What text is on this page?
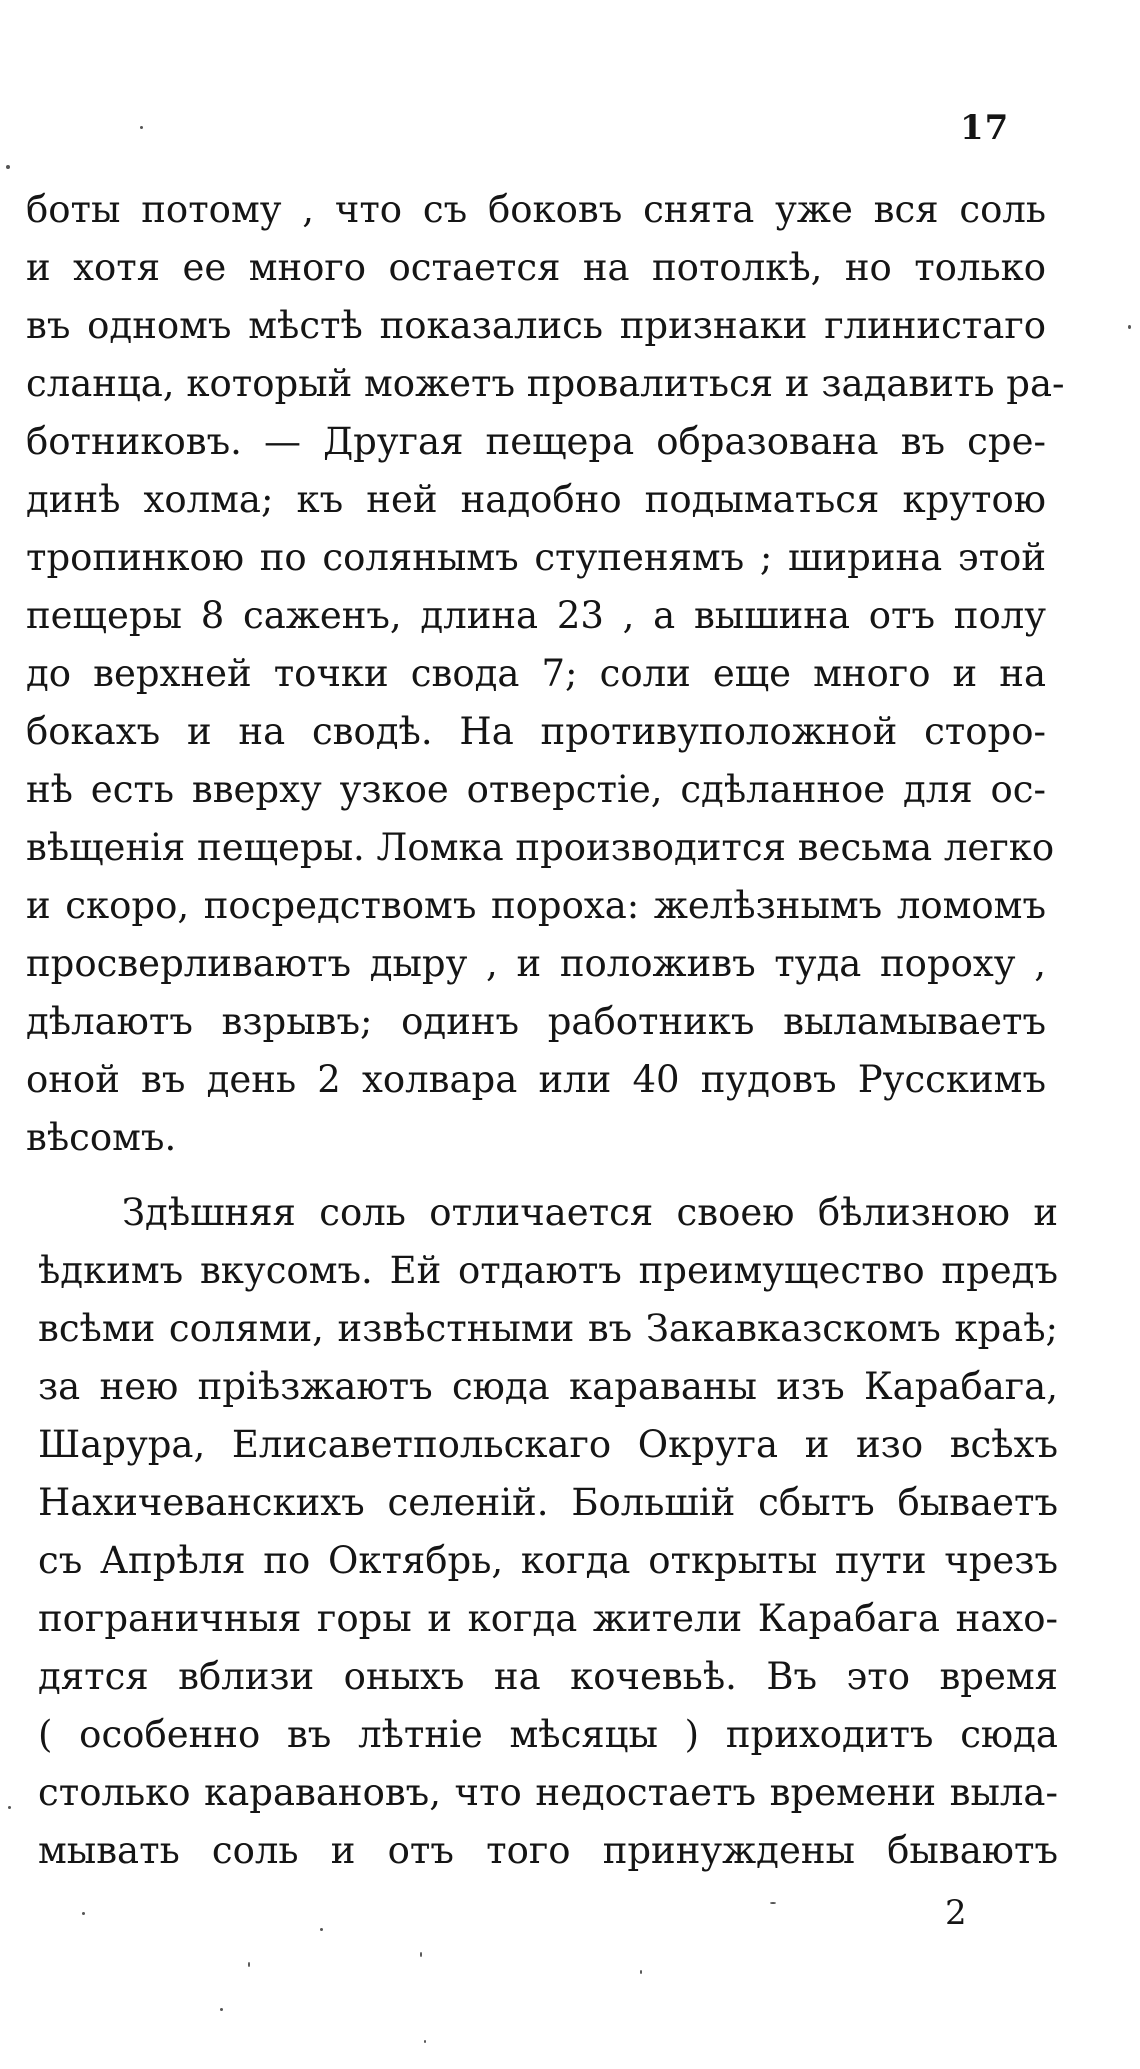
17
боты потому , что съ боковъ снята уже вся соль
и хотя ее много остается на потолкѣ, но только
въ одномъ мѣстѣ показались признаки глинистаго
сланца, который можетъ провалиться и задавить ра-
ботниковъ. — Другая пещера образована въ сре-
динѣ холма; къ ней надобно подыматься крутою
тропинкою по солянымъ ступенямъ ; ширина этой
пещеры 8 саженъ, длина 23 , а вышина отъ полу
до верхней точки свода 7; соли еще много и на
бокахъ и на сводѣ. На противуположной сторо-
нѣ есть вверху узкое отверстіе, сдѣланное для ос-
вѣщенія пещеры. Ломка производится весьма легко
и скоро, посредствомъ пороха: желѣзнымъ ломомъ
просверливаютъ дыру , и положивъ туда пороху ,
дѣлаютъ взрывъ; одинъ работникъ выламываетъ
оной въ день 2 холвара или 40 пудовъ Русскимъ
вѣсомъ.
Здѣшняя соль отличается своею бѣлизною и
ѣдкимъ вкусомъ. Ей отдаютъ преимущество предъ
всѣми солями, извѣстными въ Закавказскомъ краѣ;
за нею пріѣзжаютъ сюда караваны изъ Карабага,
Шарура, Елисаветпольскаго Округа и изо всѣхъ
Нахичеванскихъ селеній. Большій сбытъ бываетъ
съ Апрѣля по Октябрь, когда открыты пути чрезъ
пограничныя горы и когда жители Карабага нахо-
дятся вблизи оныхъ на кочевьѣ. Въ это время
( особенно въ лѣтніе мѣсяцы ) приходитъ сюда
столько каравановъ, что недостаетъ времени выла-
мывать соль и отъ того принуждены бываютъ
2
